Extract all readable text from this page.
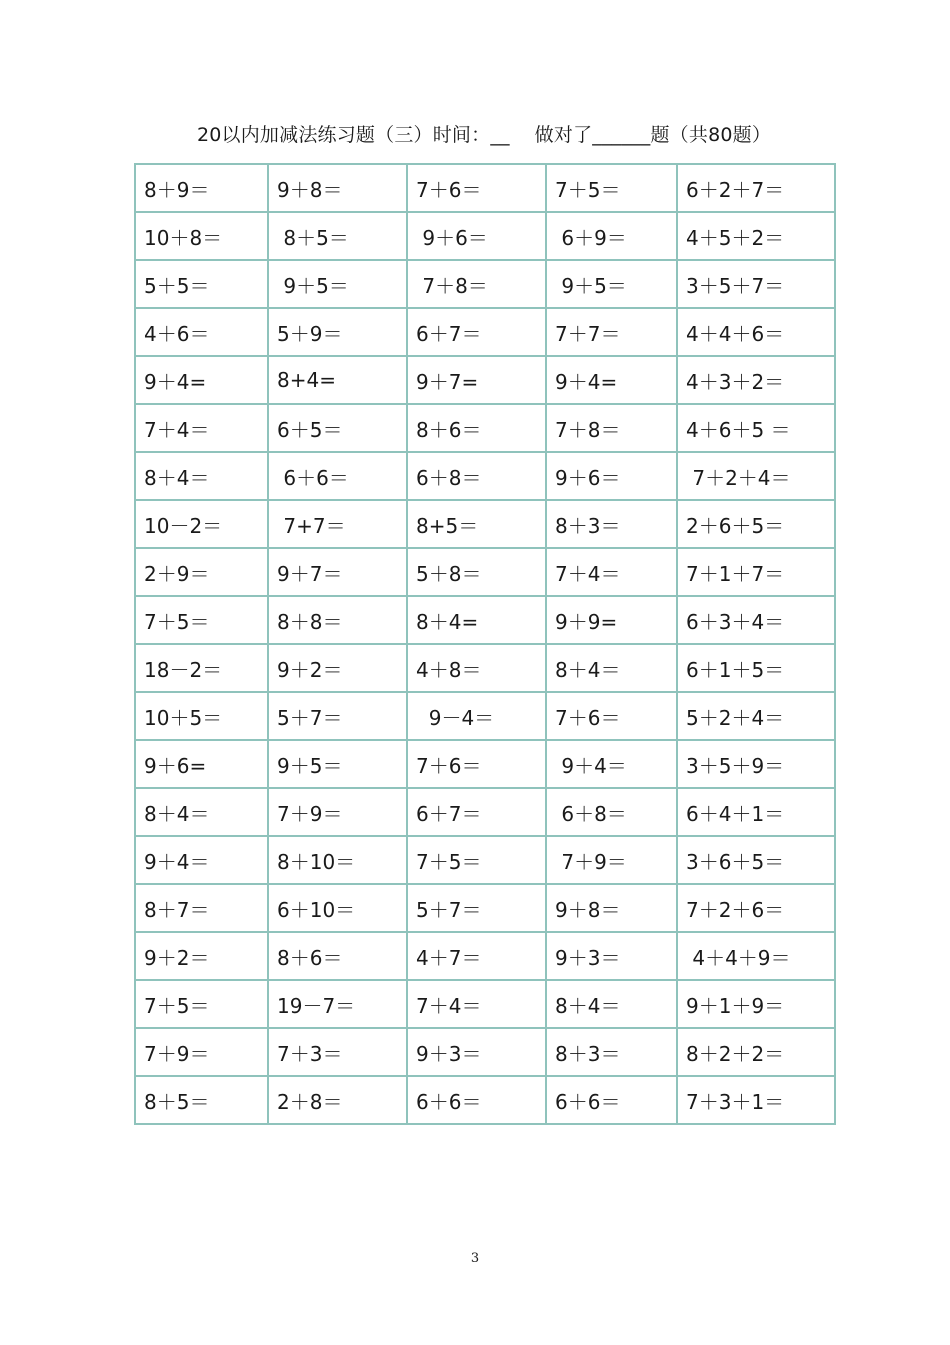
20以内加减法练习题（三）时间：__    做对了______题（共80题）
8＋9＝	9＋8＝	7＋6＝	7＋5＝	6＋2＋7＝
10＋8＝	8＋5＝	9＋6＝	6＋9＝	4＋5＋2＝
5＋5＝	9＋5＝	7＋8＝	9＋5＝	3＋5＋7＝
4＋6＝	5＋9＝	6＋7＝	7＋7＝	4＋4＋6＝
9＋4=	8+4=	9＋7=	9＋4=	4＋3＋2＝
7＋4＝	6＋5＝	8＋6＝	7＋8＝	4＋6＋5 ＝
8＋4＝	6＋6＝	6＋8＝	9＋6＝	7＋2＋4＝
10－2＝	7+7＝	8+5＝	8＋3＝	2＋6＋5＝
2＋9＝	9＋7＝	5＋8＝	7＋4＝	7＋1＋7＝
7＋5＝	8＋8＝	8＋4=	9＋9=	6＋3＋4＝
18－2＝	9＋2＝	4＋8＝	8＋4＝	6＋1＋5＝
10＋5＝	5＋7＝	9－4＝	7＋6＝	5＋2＋4＝
9＋6=	9＋5＝	7＋6＝	9＋4＝	3＋5＋9＝
8＋4＝	7＋9＝	6＋7＝	6＋8＝	6＋4＋1＝
9＋4＝	8＋10＝	7＋5＝	7＋9＝	3＋6＋5＝
8＋7＝	6＋10＝	5＋7＝	9＋8＝	7＋2＋6＝
9＋2＝	8＋6＝	4＋7＝	9＋3＝	4＋4＋9＝
7＋5＝	19－7＝	7＋4＝	8＋4＝	9＋1＋9＝
7＋9＝	7＋3＝	9＋3＝	8＋3＝	8＋2＋2＝
8＋5＝	2＋8＝	6＋6＝	6＋6＝	7＋3＋1＝
3
